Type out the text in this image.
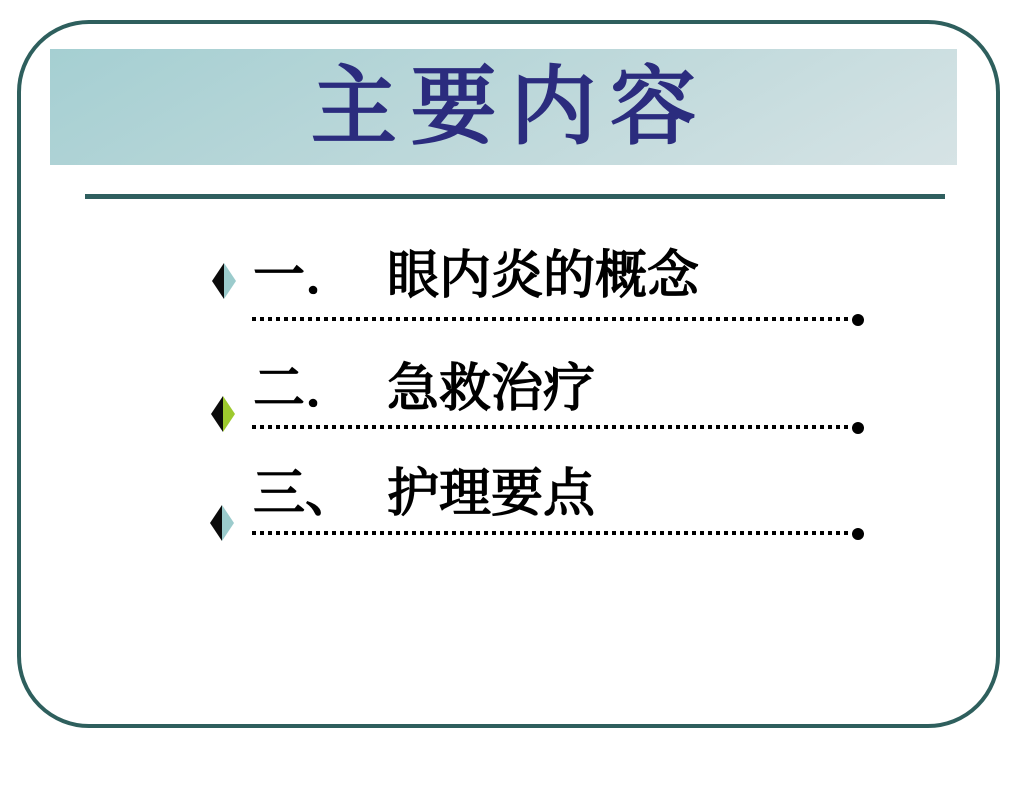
主要内容
一． 眼内炎的概念
二． 急救治疗
三、 护理要点
